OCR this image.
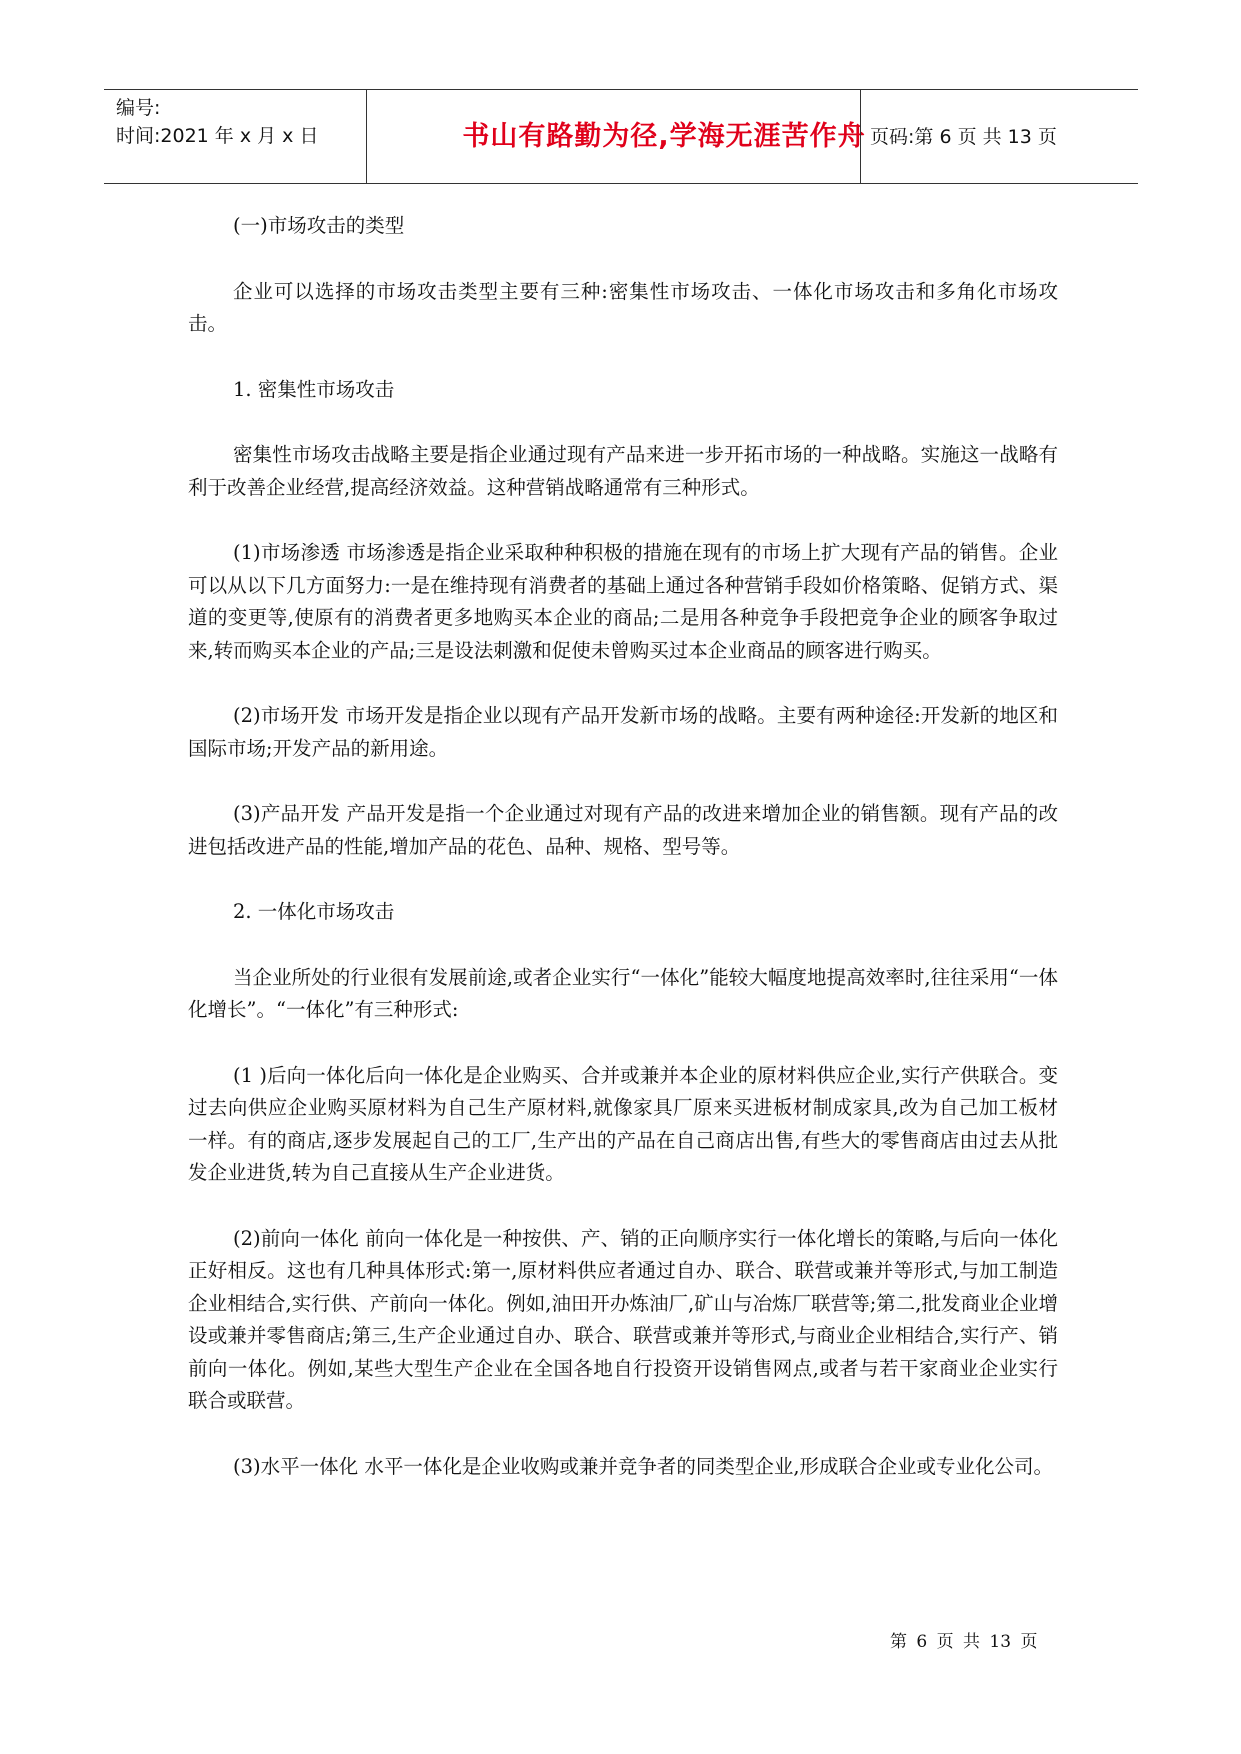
编号:
时间:2021 年 x 月 x 日	书山有路勤为径,学海无涯苦作舟 页码:第 6 页 共 13 页

(一)市场攻击的类型

企业可以选择的市场攻击类型主要有三种:密集性市场攻击、一体化市场攻击和多角化市场攻击。

1. 密集性市场攻击

密集性市场攻击战略主要是指企业通过现有产品来进一步开拓市场的一种战略。实施这一战略有利于改善企业经营,提高经济效益。这种营销战略通常有三种形式。

(1)市场渗透 市场渗透是指企业采取种种积极的措施在现有的市场上扩大现有产品的销售。企业可以从以下几方面努力:一是在维持现有消费者的基础上通过各种营销手段如价格策略、促销方式、渠道的变更等,使原有的消费者更多地购买本企业的商品;二是用各种竞争手段把竞争企业的顾客争取过来,转而购买本企业的产品;三是设法刺激和促使未曾购买过本企业商品的顾客进行购买。

(2)市场开发 市场开发是指企业以现有产品开发新市场的战略。主要有两种途径:开发新的地区和国际市场;开发产品的新用途。

(3)产品开发 产品开发是指一个企业通过对现有产品的改进来增加企业的销售额。现有产品的改进包括改进产品的性能,增加产品的花色、品种、规格、型号等。

2. 一体化市场攻击

当企业所处的行业很有发展前途,或者企业实行“一体化”能较大幅度地提高效率时,往往采用“一体化增长”。“一体化”有三种形式:

(1 )后向一体化后向一体化是企业购买、合并或兼并本企业的原材料供应企业,实行产供联合。变过去向供应企业购买原材料为自己生产原材料,就像家具厂原来买进板材制成家具,改为自己加工板材一样。有的商店,逐步发展起自己的工厂,生产出的产品在自己商店出售,有些大的零售商店由过去从批发企业进货,转为自己直接从生产企业进货。

(2)前向一体化 前向一体化是一种按供、产、销的正向顺序实行一体化增长的策略,与后向一体化正好相反。这也有几种具体形式:第一,原材料供应者通过自办、联合、联营或兼并等形式,与加工制造企业相结合,实行供、产前向一体化。例如,油田开办炼油厂,矿山与冶炼厂联营等;第二,批发商业企业增设或兼并零售商店;第三,生产企业通过自办、联合、联营或兼并等形式,与商业企业相结合,实行产、销前向一体化。例如,某些大型生产企业在全国各地自行投资开设销售网点,或者与若干家商业企业实行联合或联营。

(3)水平一体化 水平一体化是企业收购或兼并竞争者的同类型企业,形成联合企业或专业化公司。

第 6 页 共 13 页
